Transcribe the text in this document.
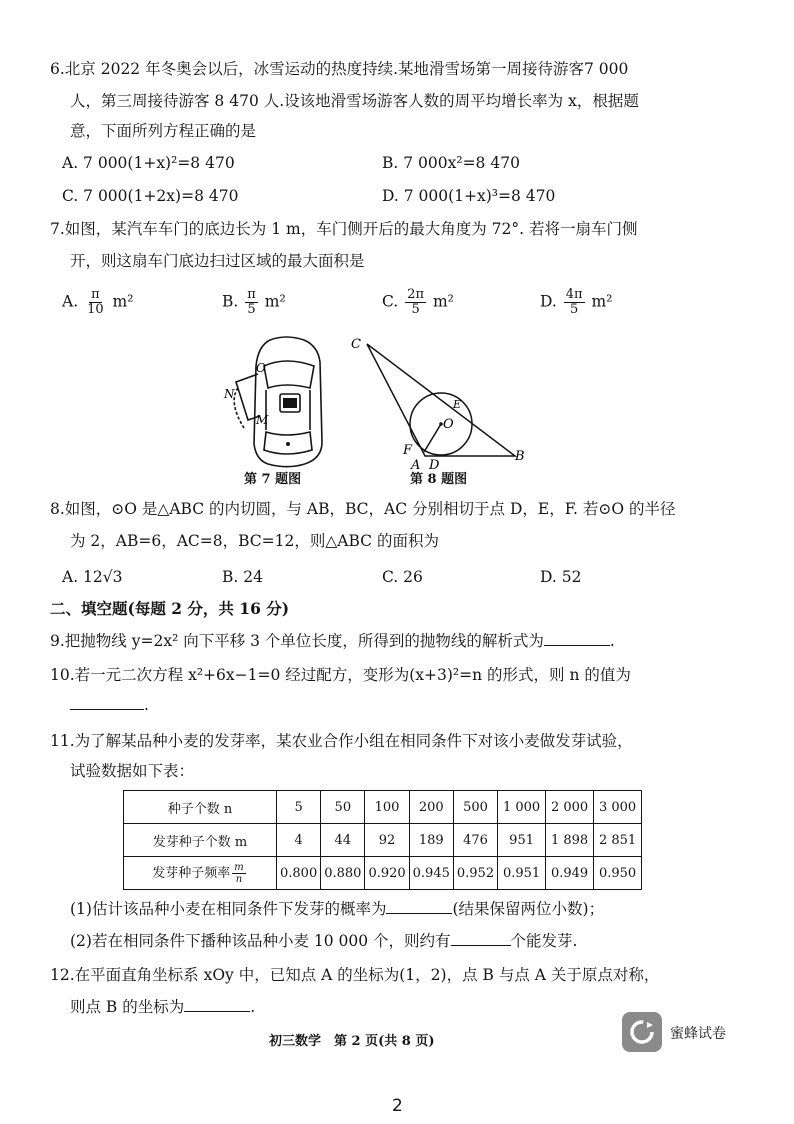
6.北京 2022 年冬奥会以后，冰雪运动的热度持续.某地滑雪场第一周接待游客7 000
人，第三周接待游客 8 470 人.设该地滑雪场游客人数的周平均增长率为 x，根据题
意，下面所列方程正确的是
A. 7 000(1+x)²=8 470	B. 7 000x²=8 470
C. 7 000(1+2x)=8 470	D. 7 000(1+x)³=8 470
7.如图，某汽车车门的底边长为 1 m，车门侧开后的最大角度为 72°. 若将一扇车门侧
开，则这扇车门底边扫过区域的最大面积是
A. $\frac{\pi}{10} m^2$	B. $\frac{\pi}{5} m^2$	C. $\frac{2\pi}{5} m^2$	D. $\frac{4\pi}{5} m^2$
N
M
O
第 7 题图
C
E
O
F
A D
B
第 8 题图
8.如图，⊙O 是△ABC 的内切圆，与 AB，BC，AC 分别相切于点 D，E，F. 若⊙O 的半径
为 2，AB=6，AC=8，BC=12，则△ABC 的面积为
A. 12√3	B. 24	C. 26	D. 52
二、填空题(每题 2 分，共 16 分)
9.把抛物线 y=2x² 向下平移 3 个单位长度，所得到的抛物线的解析式为	.
10.若一元二次方程 x²+6x−1=0 经过配方，变形为(x+3)²=n 的形式，则 n 的值为
.
11.为了解某品种小麦的发芽率，某农业合作小组在相同条件下对该小麦做发芽试验，
试验数据如下表：
种子个数 n	5	50	100	200	500	1 000	2 000	3 000
发芽种子个数 m	4	44	92	189	476	951	1 898	2 851
发芽种子频率 $\frac{m}{n}$	0.800	0.880	0.920	0.945	0.952	0.951	0.949	0.950
(1)估计该品种小麦在相同条件下发芽的概率为	(结果保留两位小数)；
(2)若在相同条件下播种该品种小麦 10 000 个，则约有	个能发芽.
12.在平面直角坐标系 xOy 中，已知点 A 的坐标为(1，2)，点 B 与点 A 关于原点对称，
则点 B 的坐标为	.
蜜蜂试卷
初三数学　第 2 页(共 8 页)
2
